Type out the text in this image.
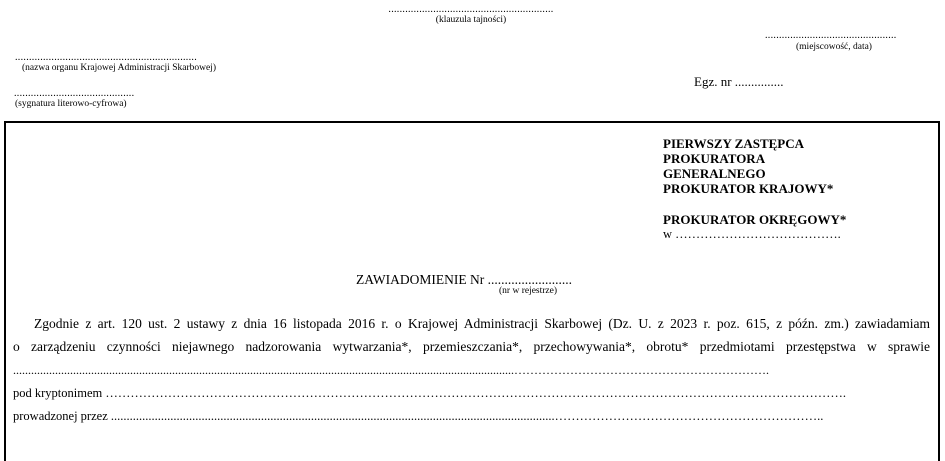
...........................................................
(klauzula tajności)
...............................................
(miejscowość, data)
.................................................................
(nazwa organu Krajowej Administracji Skarbowej)
Egz. nr ...............
...........................................
(sygnatura literowo-cyfrowa)
PIERWSZY ZASTĘPCA
PROKURATORA
GENERALNEGO
PROKURATOR KRAJOWY*
PROKURATOR OKRĘGOWY*
w ………………………………….
ZAWIADOMIENIE Nr .........................
(nr w rejestrze)
Zgodnie z art. 120 ust. 2 ustawy z dnia 16 listopada 2016 r. o Krajowej Administracji Skarbowej (Dz. U. z 2023 r. poz. 615, z późn. zm.) zawiadamiam
o zarządzeniu czynności niejawnego nadzorowania wytwarzania*, przemieszczania*, przechowywania*, obrotu* przedmiotami przestępstwa w sprawie
.......................................................................................................................................................................……………………………………………………….
pod kryptonimem …………………………………………………………………………………………………………………………………………………………….
prowadzonej przez ..............................................................................................................................................………………………………………………………..
